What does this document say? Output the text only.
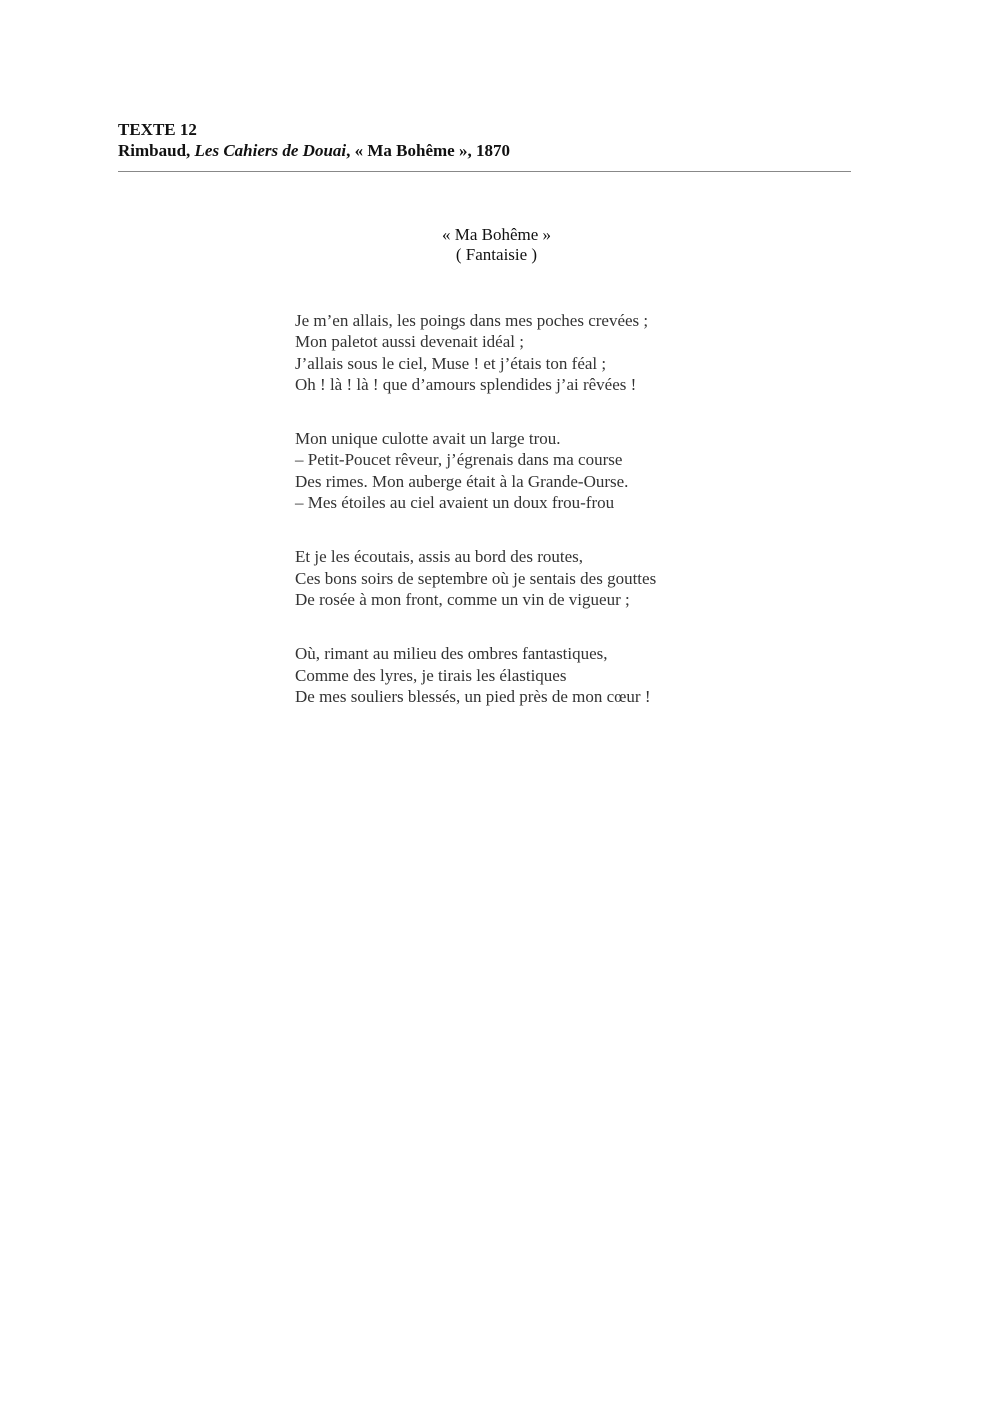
TEXTE 12
Rimbaud, Les Cahiers de Douai, « Ma Bohême », 1870
« Ma Bohême »
( Fantaisie )
Je m’en allais, les poings dans mes poches crevées ;
Mon paletot aussi devenait idéal ;
J’allais sous le ciel, Muse ! et j’étais ton féal ;
Oh ! là ! là ! que d’amours splendides j’ai rêvées !
Mon unique culotte avait un large trou.
– Petit-Poucet rêveur, j’égrenais dans ma course
Des rimes. Mon auberge était à la Grande-Ourse.
– Mes étoiles au ciel avaient un doux frou-frou
Et je les écoutais, assis au bord des routes,
Ces bons soirs de septembre où je sentais des gouttes
De rosée à mon front, comme un vin de vigueur ;
Où, rimant au milieu des ombres fantastiques,
Comme des lyres, je tirais les élastiques
De mes souliers blessés, un pied près de mon cœur !
